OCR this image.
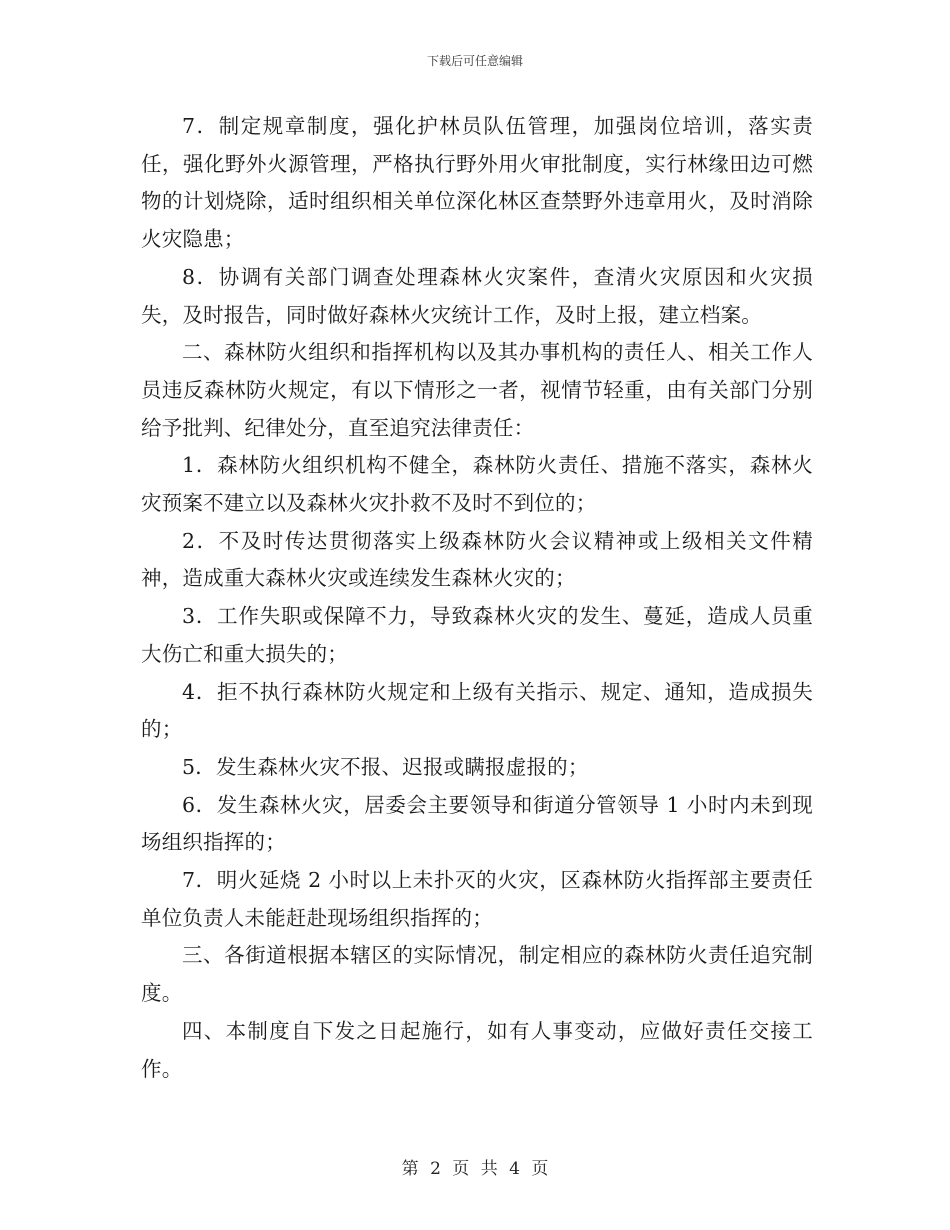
下载后可任意编辑

7．制定规章制度，强化护林员队伍管理，加强岗位培训，落实责任，强化野外火源管理，严格执行野外用火审批制度，实行林缘田边可燃物的计划烧除，适时组织相关单位深化林区查禁野外违章用火，及时消除火灾隐患；

8．协调有关部门调查处理森林火灾案件，查清火灾原因和火灾损失，及时报告，同时做好森林火灾统计工作，及时上报，建立档案。

二、森林防火组织和指挥机构以及其办事机构的责任人、相关工作人员违反森林防火规定，有以下情形之一者，视情节轻重，由有关部门分别给予批判、纪律处分，直至追究法律责任：

1．森林防火组织机构不健全，森林防火责任、措施不落实，森林火灾预案不建立以及森林火灾扑救不及时不到位的；

2．不及时传达贯彻落实上级森林防火会议精神或上级相关文件精神，造成重大森林火灾或连续发生森林火灾的；

3．工作失职或保障不力，导致森林火灾的发生、蔓延，造成人员重大伤亡和重大损失的；

4．拒不执行森林防火规定和上级有关指示、规定、通知，造成损失的；

5．发生森林火灾不报、迟报或瞒报虚报的；

6．发生森林火灾，居委会主要领导和街道分管领导 1 小时内未到现场组织指挥的；

7．明火延烧 2 小时以上未扑灭的火灾，区森林防火指挥部主要责任单位负责人未能赶赴现场组织指挥的；

三、各街道根据本辖区的实际情况，制定相应的森林防火责任追究制度。

四、本制度自下发之日起施行，如有人事变动，应做好责任交接工作。

第 2 页 共 4 页
